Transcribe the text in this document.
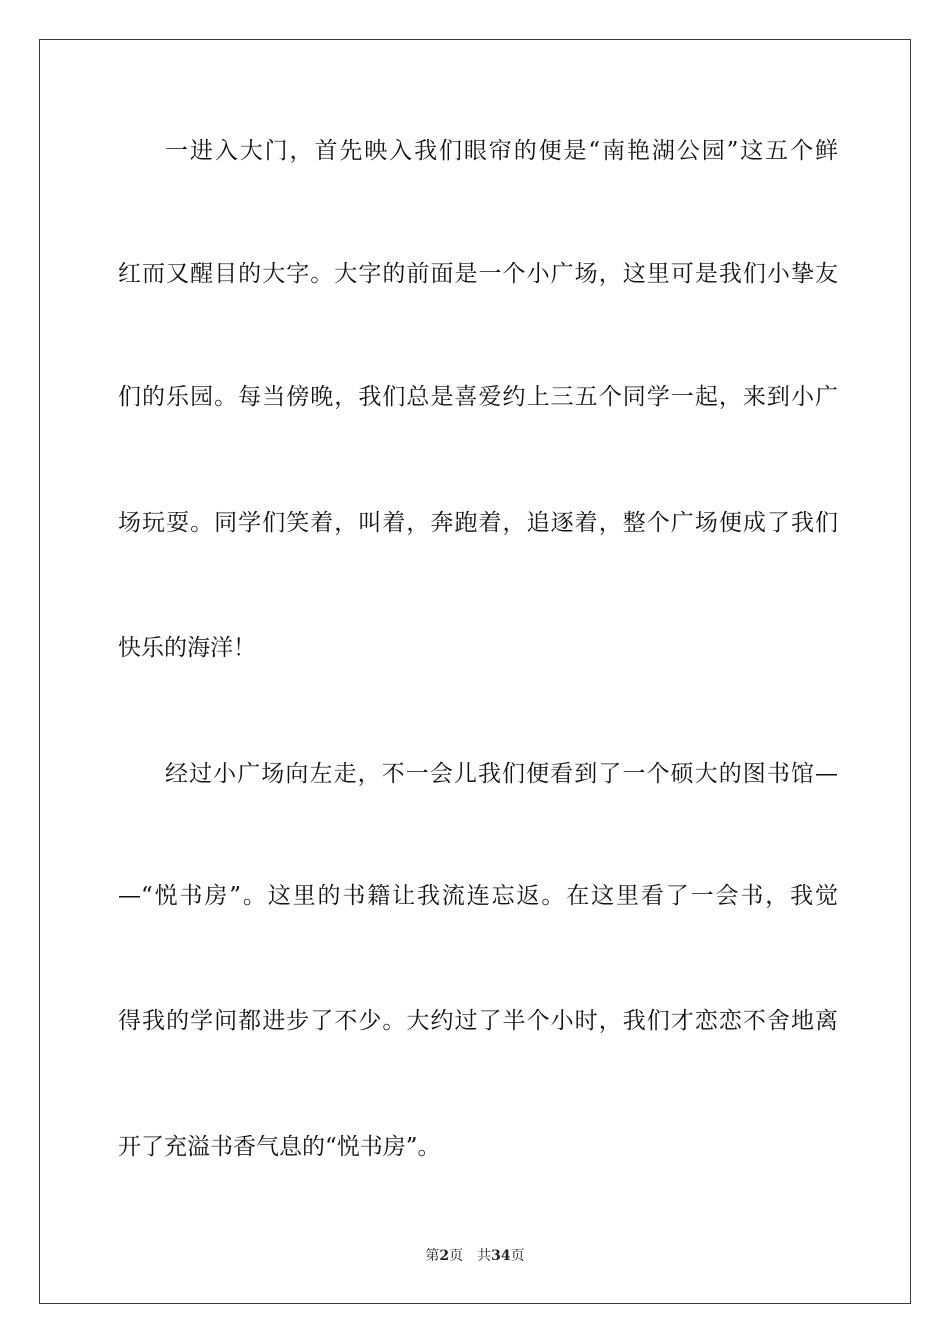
一进入大门，首先映入我们眼帘的便是“南艳湖公园”这五个鲜
红而又醒目的大字。大字的前面是一个小广场，这里可是我们小挚友
们的乐园。每当傍晚，我们总是喜爱约上三五个同学一起，来到小广
场玩耍。同学们笑着，叫着，奔跑着，追逐着，整个广场便成了我们
快乐的海洋！
经过小广场向左走，不一会儿我们便看到了一个硕大的图书馆—
—“悦书房”。这里的书籍让我流连忘返。在这里看了一会书，我觉
得我的学问都进步了不少。大约过了半个小时，我们才恋恋不舍地离
开了充溢书香气息的“悦书房”。
第2页 共34页
